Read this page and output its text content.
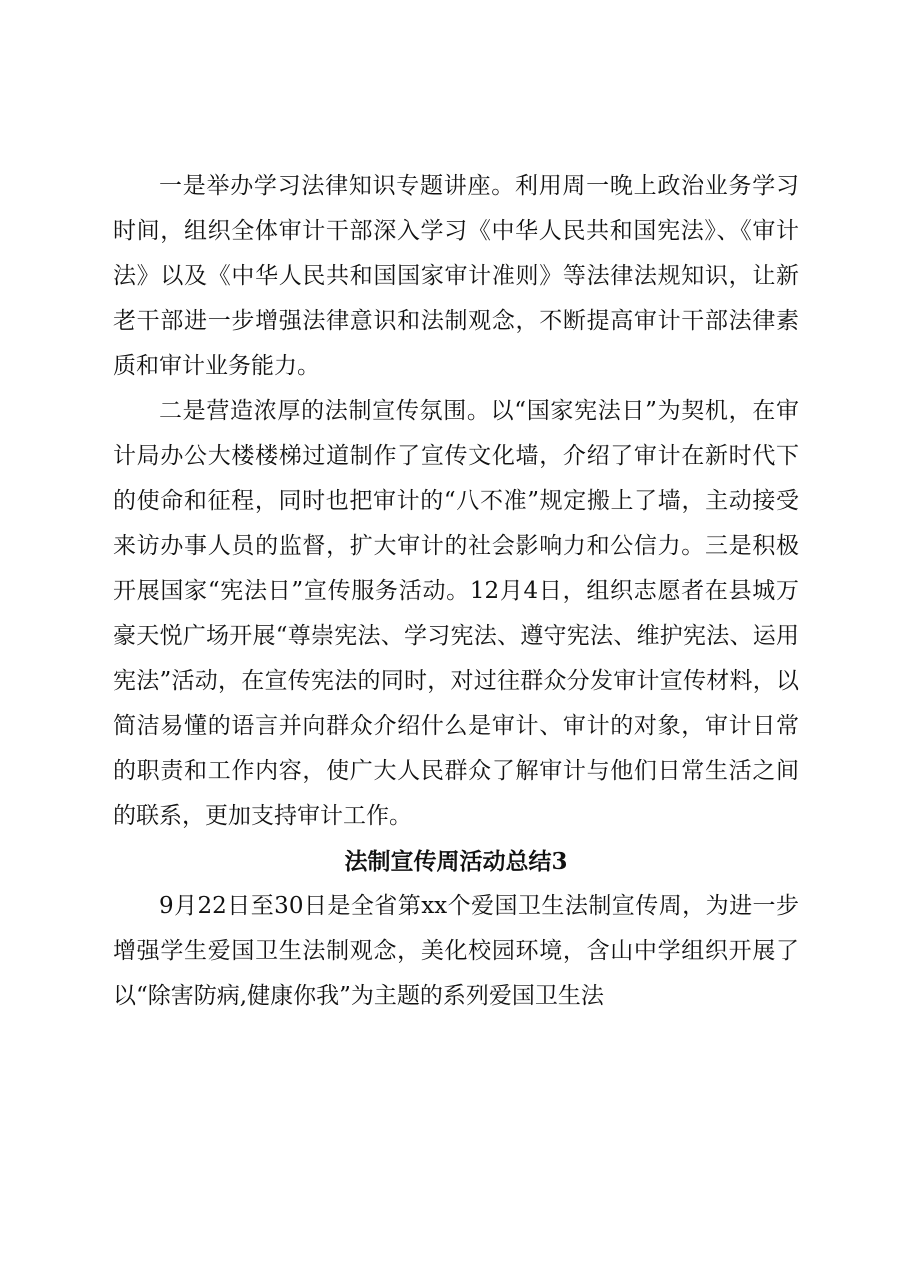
一是举办学习法律知识专题讲座。利用周一晚上政治业务学习时间，组织全体审计干部深入学习《中华人民共和国宪法》、《审计法》以及《中华人民共和国国家审计准则》等法律法规知识，让新老干部进一步增强法律意识和法制观念，不断提高审计干部法律素质和审计业务能力。

二是营造浓厚的法制宣传氛围。以“国家宪法日”为契机，在审计局办公大楼楼梯过道制作了宣传文化墙，介绍了审计在新时代下的使命和征程，同时也把审计的“八不准”规定搬上了墙，主动接受来访办事人员的监督，扩大审计的社会影响力和公信力。三是积极开展国家“宪法日”宣传服务活动。12月4日，组织志愿者在县城万豪天悦广场开展“尊崇宪法、学习宪法、遵守宪法、维护宪法、运用宪法”活动，在宣传宪法的同时，对过往群众分发审计宣传材料，以简洁易懂的语言并向群众介绍什么是审计、审计的对象，审计日常的职责和工作内容，使广大人民群众了解审计与他们日常生活之间的联系，更加支持审计工作。

法制宣传周活动总结3

9月22日至30日是全省第xx个爱国卫生法制宣传周，为进一步增强学生爱国卫生法制观念，美化校园环境，含山中学组织开展了以“除害防病,健康你我”为主题的系列爱国卫生法
